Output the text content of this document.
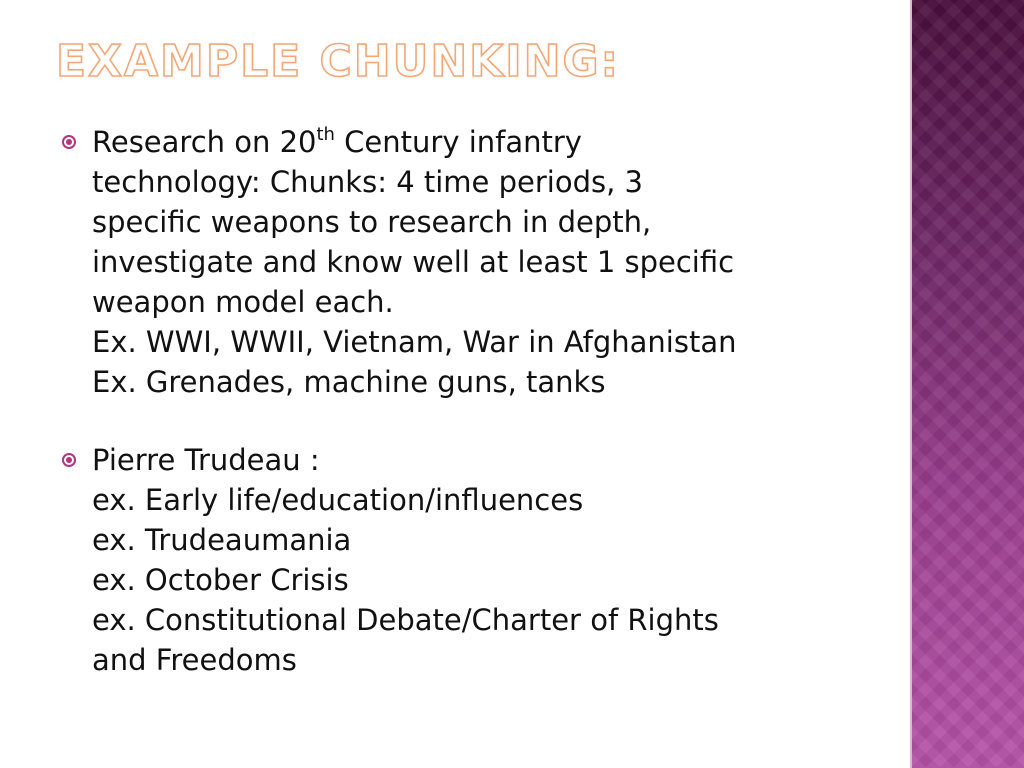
EXAMPLE CHUNKING:
Research on 20th Century infantry
technology: Chunks: 4 time periods, 3
specific weapons to research in depth,
investigate and know well at least 1 specific
weapon model each.
Ex. WWI, WWII, Vietnam, War in Afghanistan
Ex. Grenades, machine guns, tanks
Pierre Trudeau :
ex. Early life/education/influences
ex. Trudeaumania
ex. October Crisis
ex. Constitutional Debate/Charter of Rights
and Freedoms
